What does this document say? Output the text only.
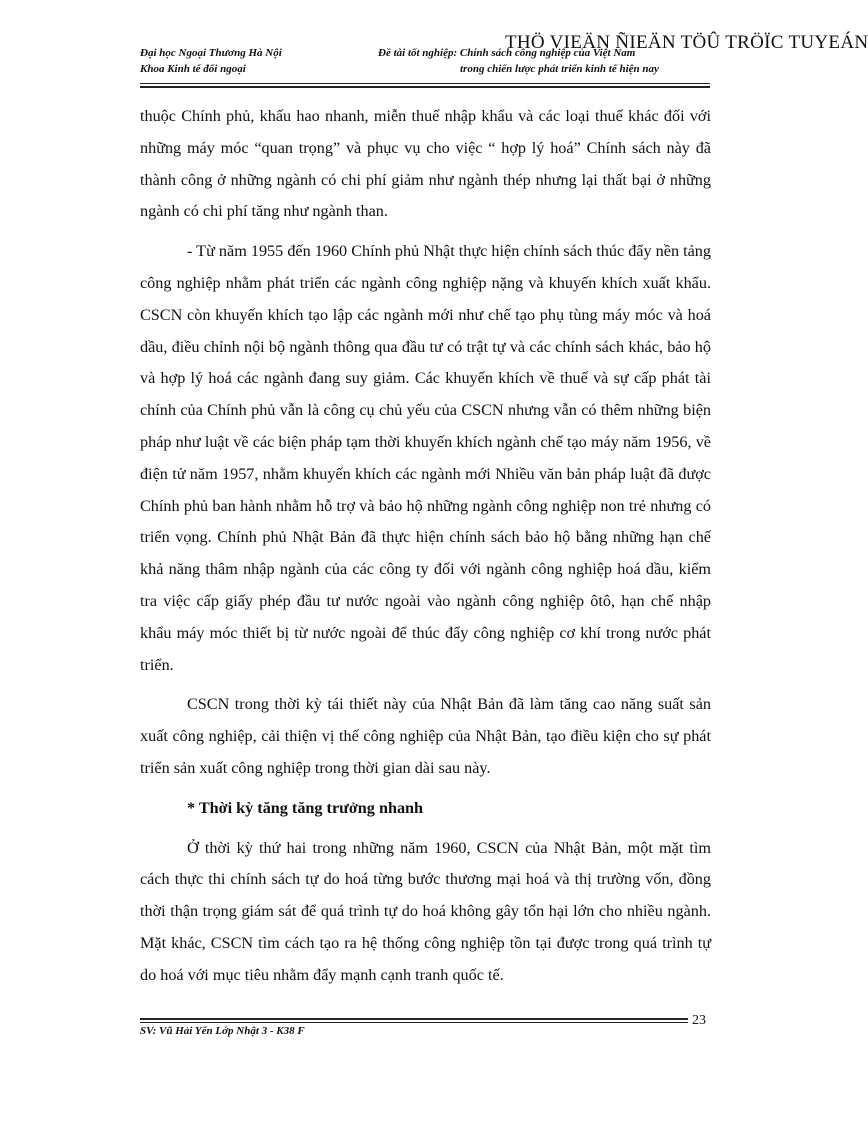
Đại học Ngoại Thương Hà Nội
Khoa Kinh tế đối ngoại
Đề tài tốt nghiệp: Chính sách công nghiệp của Việt Nam
trong chiến lược phát triển kinh tế hiện nay
THÖ VIEÄN ÑIEÄN TÖÛ TRÖÏC TUYEÁN

thuộc Chính phủ, khấu hao nhanh, miễn thuế nhập khẩu và các loại thuế khác đối với những máy móc “quan trọng” và phục vụ cho việc “ hợp lý hoá” Chính sách này đã thành công ở những ngành có chi phí giảm như ngành thép nhưng lại thất bại ở những ngành có chi phí tăng như ngành than.

- Từ năm 1955 đến 1960 Chính phủ Nhật thực hiện chính sách thúc đẩy nền tảng công nghiệp nhằm phát triển các ngành công nghiệp nặng và khuyến khích xuất khẩu. CSCN còn khuyến khích tạo lập các ngành mới như chế tạo phụ tùng máy móc và hoá dầu, điều chỉnh nội bộ ngành thông qua đầu tư có trật tự và các chính sách khác, bảo hộ và hợp lý hoá các ngành đang suy giảm. Các khuyến khích về thuế và sự cấp phát tài chính của Chính phủ vẫn là công cụ chủ yếu của CSCN nhưng vẫn có thêm những biện pháp như luật về các biện pháp tạm thời khuyến khích ngành chế tạo máy năm 1956, về điện tử năm 1957, nhằm khuyến khích các ngành mới Nhiều văn bản pháp luật đã được Chính phủ ban hành nhằm hỗ trợ và bảo hộ những ngành công nghiệp non trẻ nhưng có triển vọng. Chính phủ Nhật Bản đã thực hiện chính sách bảo hộ bằng những hạn chế khả năng thâm nhập ngành của các công ty đối với ngành công nghiệp hoá dầu, kiểm tra việc cấp giấy phép đầu tư nước ngoài vào ngành công nghiệp ôtô, hạn chế nhập khẩu máy móc thiết bị từ nước ngoài để thúc đẩy công nghiệp cơ khí trong nước phát triển.

CSCN trong thời kỳ tái thiết này của Nhật Bản đã làm tăng cao năng suất sản xuất công nghiệp, cải thiện vị thế công nghiệp của Nhật Bản, tạo điều kiện cho sự phát triển sản xuất công nghiệp trong thời gian dài sau này.

* Thời kỳ tăng tăng trưởng nhanh

Ở thời kỳ thứ hai trong những năm 1960, CSCN của Nhật Bản, một mặt tìm cách thực thi chính sách tự do hoá từng bước thương mại hoá và thị trường vốn, đồng thời thận trọng giám sát để quá trình tự do hoá không gây tổn hại lớn cho nhiều ngành. Mặt khác, CSCN tìm cách tạo ra hệ thống công nghiệp tồn tại được trong quá trình tự do hoá với mục tiêu nhằm đẩy mạnh cạnh tranh quốc tế.

SV: Vũ Hải Yến Lớp Nhật 3 - K38 F
23
